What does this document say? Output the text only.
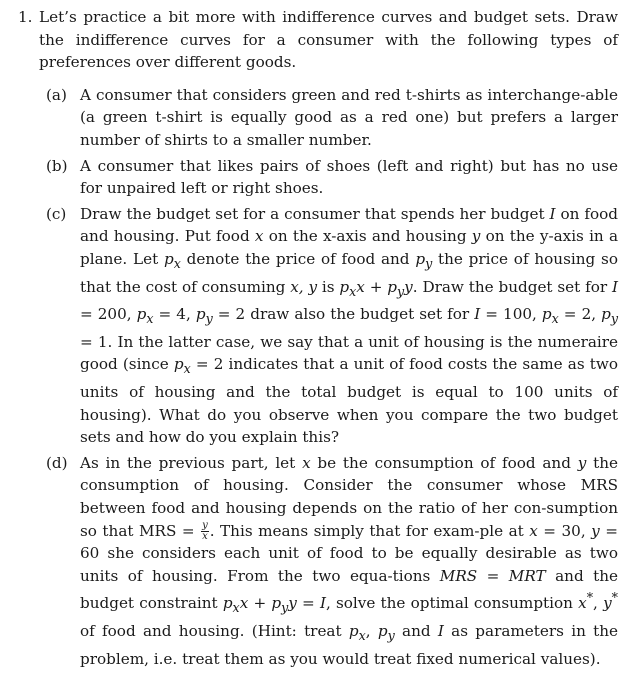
1. Let’s practice a bit more with indifference curves and budget sets. Draw the indifference curves for a consumer with the following types of preferences over different goods.
(a) A consumer that considers green and red t-shirts as interchange-able (a green t-shirt is equally good as a red one) but prefers a larger number of shirts to a smaller number.
(b) A consumer that likes pairs of shoes (left and right) but has no use for unpaired left or right shoes.
(c) Draw the budget set for a consumer that spends her budget I on food and housing. Put food x on the x-axis and housing y on the y-axis in a plane. Let $p_x$ denote the price of food and $p_y$ the price of housing so that the cost of consuming x, y is $p_xx + p_yy$. Draw the budget set for I = 200, $p_x = 4$, $p_y = 2$ draw also the budget set for I = 100, $p_x = 2$, $p_y = 1$. In the latter case, we say that a unit of housing is the numeraire good (since $p_x = 2$ indicates that a unit of food costs the same as two units of housing and the total budget is equal to 100 units of housing). What do you observe when you compare the two budget sets and how do you explain this?
(d) As in the previous part, let x be the consumption of food and y the consumption of housing. Consider the consumer whose MRS between food and housing depends on the ratio of her con-sumption so that MRS = $\frac{y}{x}$ . This means simply that for exam-ple at x = 30, y = 60 she considers each unit of food to be equally desirable as two units of housing. From the two equa-tions MRS = MRT and the budget constraint $p_xx + p_yy = I$, solve the optimal consumption x*, y* of food and housing. (Hint: treat $p_x$, $p_y$ and I as parameters in the problem, i.e. treat them as you would treat fixed numerical values).
